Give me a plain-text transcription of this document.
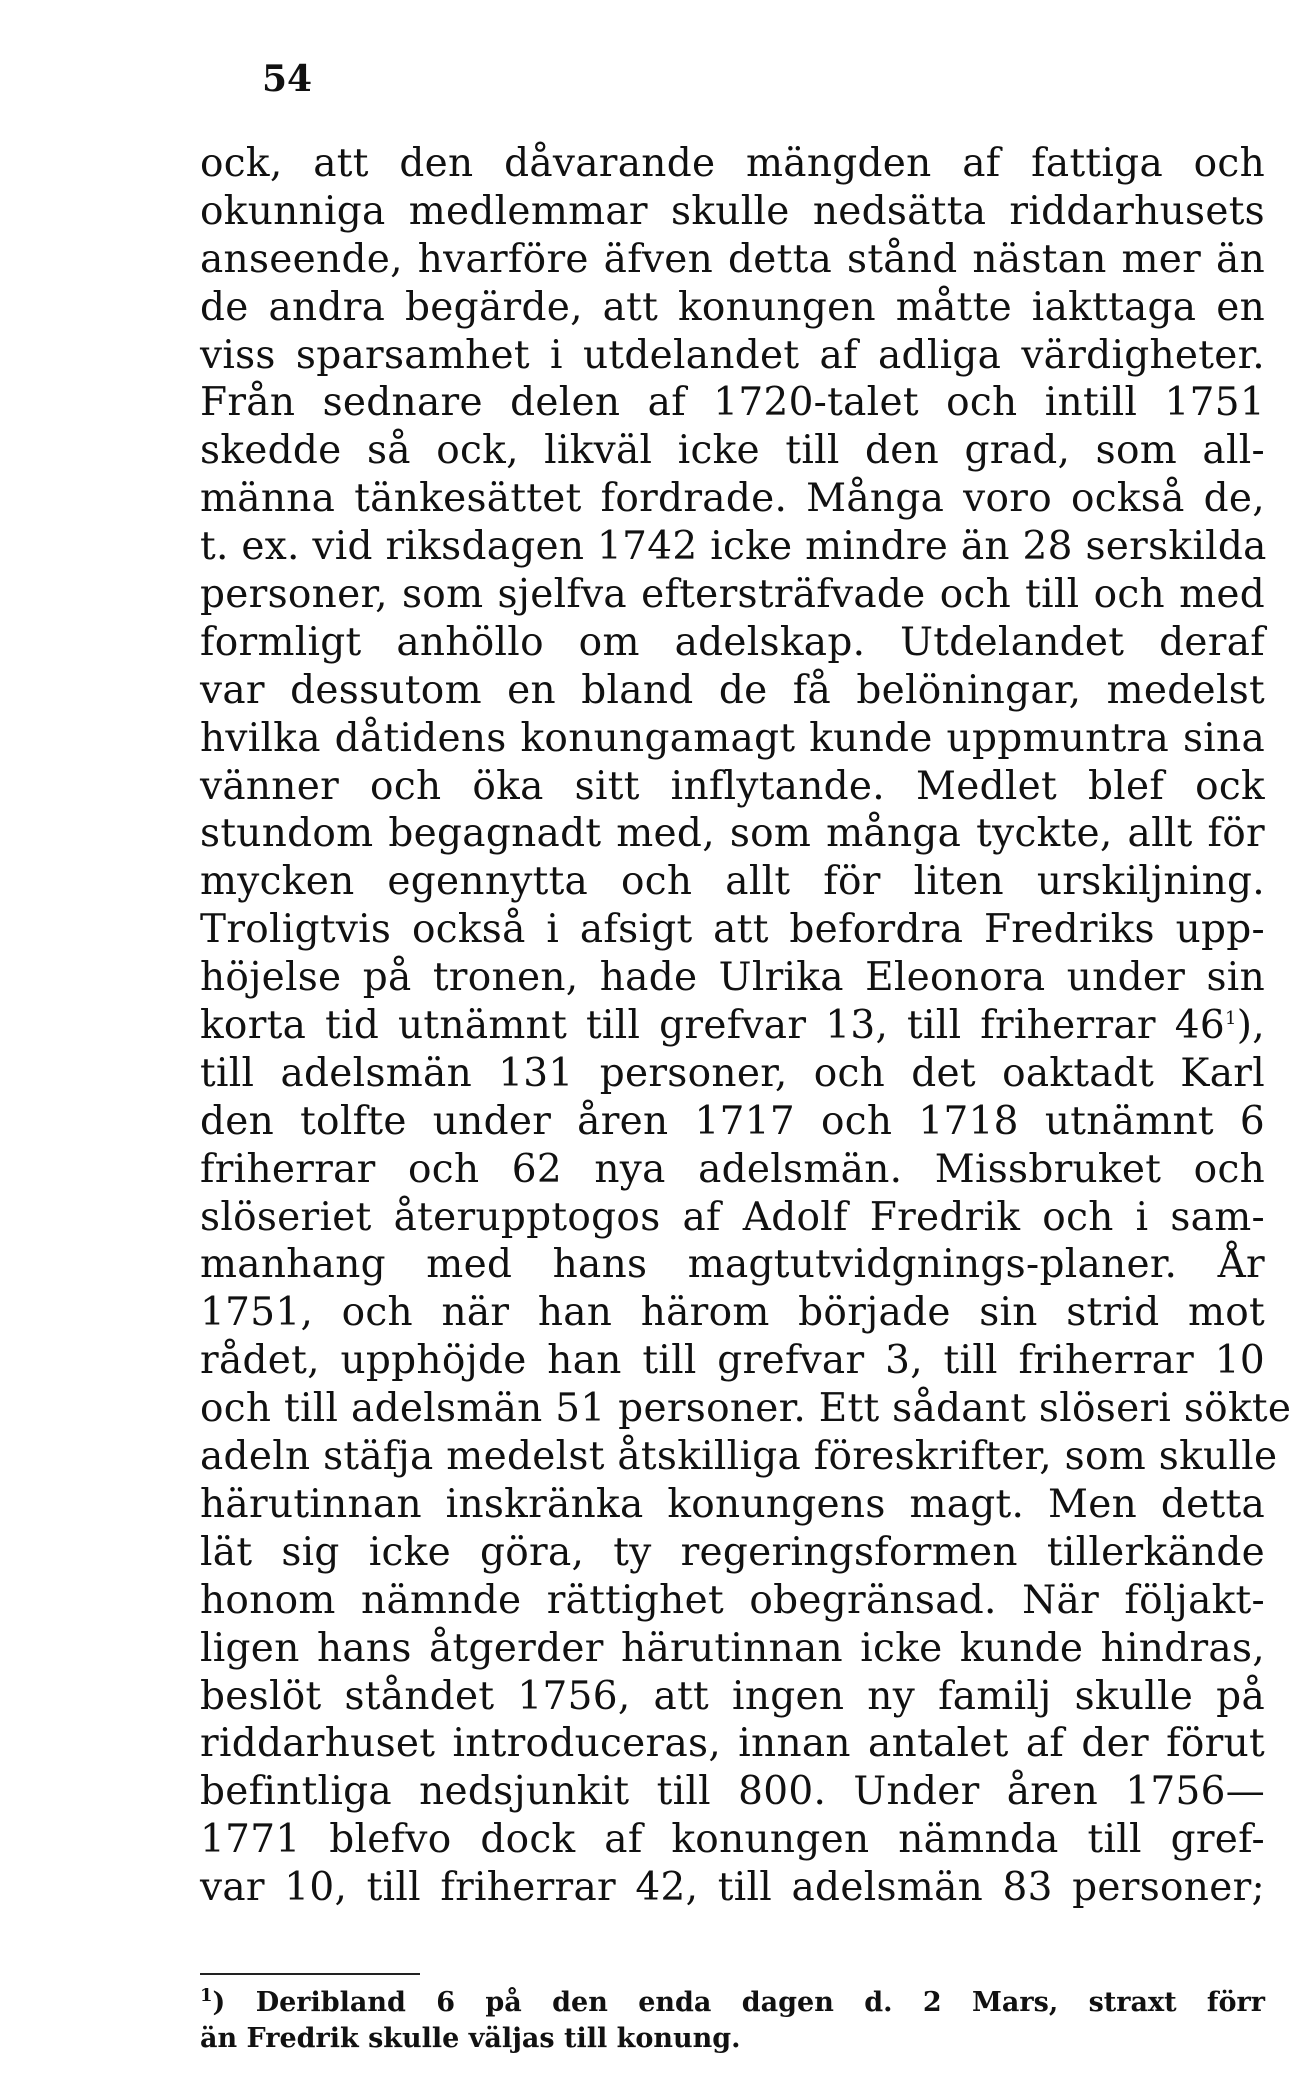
54
ock, att den dåvarande mängden af fattiga och
okunniga medlemmar skulle nedsätta riddarhusets
anseende, hvarföre äfven detta stånd nästan mer än
de andra begärde, att konungen måtte iakttaga en
viss sparsamhet i utdelandet af adliga värdigheter.
Från sednare delen af 1720-talet och intill 1751
skedde så ock, likväl icke till den grad, som all-
männa tänkesättet fordrade. Många voro också de,
t. ex. vid riksdagen 1742 icke mindre än 28 serskilda
personer, som sjelfva eftersträfvade och till och med
formligt anhöllo om adelskap. Utdelandet deraf
var dessutom en bland de få belöningar, medelst
hvilka dåtidens konungamagt kunde uppmuntra sina
vänner och öka sitt inflytande. Medlet blef ock
stundom begagnadt med, som många tyckte, allt för
mycken egennytta och allt för liten urskiljning.
Troligtvis också i afsigt att befordra Fredriks upp-
höjelse på tronen, hade Ulrika Eleonora under sin
korta tid utnämnt till grefvar 13, till friherrar 46$^1$),
till adelsmän 131 personer, och det oaktadt Karl
den tolfte under åren 1717 och 1718 utnämnt 6
friherrar och 62 nya adelsmän. Missbruket och
slöseriet återupptogos af Adolf Fredrik och i sam-
manhang med hans magtutvidgnings-planer. År
1751, och när han härom började sin strid mot
rådet, upphöjde han till grefvar 3, till friherrar 10
och till adelsmän 51 personer. Ett sådant slöseri sökte
adeln stäfja medelst åtskilliga föreskrifter, som skulle
härutinnan inskränka konungens magt. Men detta
lät sig icke göra, ty regeringsformen tillerkände
honom nämnde rättighet obegränsad. När följakt-
ligen hans åtgerder härutinnan icke kunde hindras,
beslöt ståndet 1756, att ingen ny familj skulle på
riddarhuset introduceras, innan antalet af der förut
befintliga nedsjunkit till 800. Under åren 1756—
1771 blefvo dock af konungen nämnda till gref-
var 10, till friherrar 42, till adelsmän 83 personer;
$^1$) Deribland 6 på den enda dagen d. 2 Mars, straxt förr
än Fredrik skulle väljas till konung.
